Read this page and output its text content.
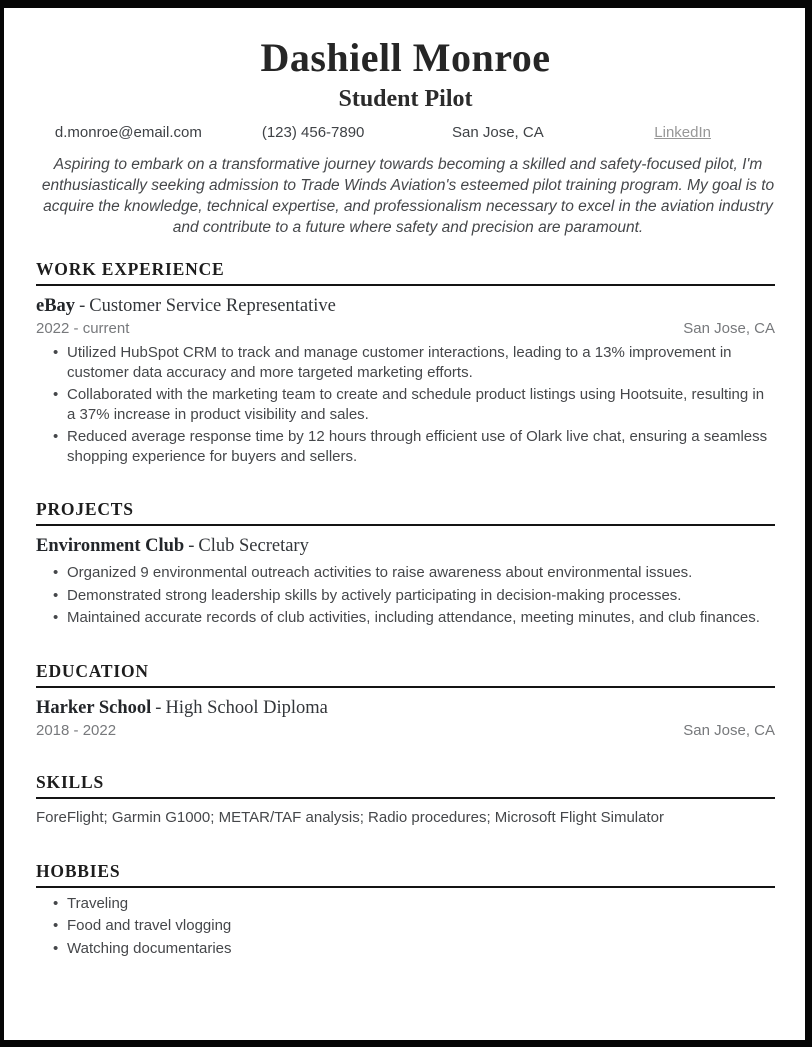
Dashiell Monroe
Student Pilot
d.monroe@email.com	(123) 456-7890	San Jose, CA	LinkedIn
Aspiring to embark on a transformative journey towards becoming a skilled and safety-focused pilot, I'm enthusiastically seeking admission to Trade Winds Aviation's esteemed pilot training program. My goal is to acquire the knowledge, technical expertise, and professionalism necessary to excel in the aviation industry and contribute to a future where safety and precision are paramount.
WORK EXPERIENCE
eBay - Customer Service Representative
2022 - current	San Jose, CA
• Utilized HubSpot CRM to track and manage customer interactions, leading to a 13% improvement in customer data accuracy and more targeted marketing efforts.
• Collaborated with the marketing team to create and schedule product listings using Hootsuite, resulting in a 37% increase in product visibility and sales.
• Reduced average response time by 12 hours through efficient use of Olark live chat, ensuring a seamless shopping experience for buyers and sellers.
PROJECTS
Environment Club - Club Secretary
• Organized 9 environmental outreach activities to raise awareness about environmental issues.
• Demonstrated strong leadership skills by actively participating in decision-making processes.
• Maintained accurate records of club activities, including attendance, meeting minutes, and club finances.
EDUCATION
Harker School - High School Diploma
2018 - 2022	San Jose, CA
SKILLS
ForeFlight; Garmin G1000; METAR/TAF analysis; Radio procedures; Microsoft Flight Simulator
HOBBIES
• Traveling
• Food and travel vlogging
• Watching documentaries
